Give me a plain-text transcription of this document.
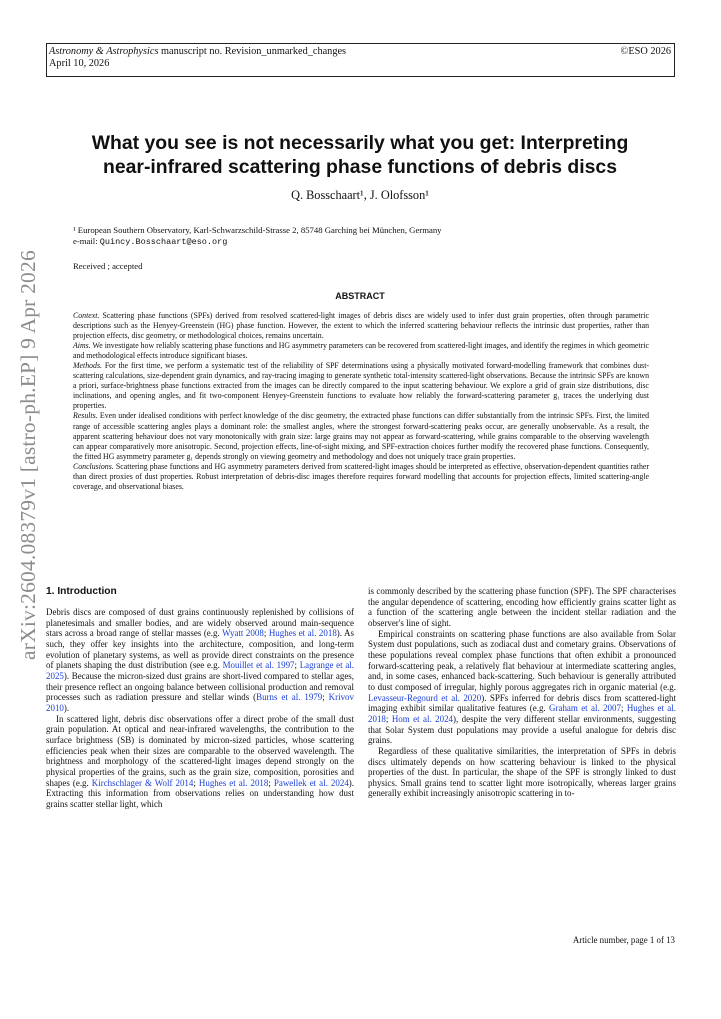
Astronomy & Astrophysics manuscript no. Revision_unmarked_changes
April 10, 2026
©ESO 2026
arXiv:2604.08379v1 [astro-ph.EP] 9 Apr 2026
What you see is not necessarily what you get: Interpreting
near-infrared scattering phase functions of debris discs
Q. Bosschaart¹, J. Olofsson¹
¹ European Southern Observatory, Karl-Schwarzschild-Strasse 2, 85748 Garching bei München, Germany
e-mail: Quincy.Bosschaart@eso.org
Received ; accepted
ABSTRACT

Context. Scattering phase functions (SPFs) derived from resolved scattered-light images of debris discs are widely used to infer dust grain properties, often through parametric descriptions such as the Henyey-Greenstein (HG) phase function. However, the extent to which the inferred scattering behaviour reflects the intrinsic dust properties, rather than projection effects, disc geometry, or methodological choices, remains uncertain.

Aims. We investigate how reliably scattering phase functions and HG asymmetry parameters can be recovered from scattered-light images, and identify the regimes in which geometric and methodological effects introduce significant biases.

Methods. For the first time, we perform a systematic test of the reliability of SPF determinations using a physically motivated forward-modelling framework that combines dust-scattering calculations, size-dependent grain dynamics, and ray-tracing imaging to generate synthetic total-intensity scattered-light observations. Because the intrinsic SPFs are known a priori, surface-brightness phase functions extracted from the images can be directly compared to the input scattering behaviour. We explore a grid of grain size distributions, disc inclinations, and opening angles, and fit two-component Henyey-Greenstein functions to evaluate how reliably the forward-scattering parameter g₁ traces the underlying dust properties.

Results. Even under idealised conditions with perfect knowledge of the disc geometry, the extracted phase functions can differ substantially from the intrinsic SPFs. First, the limited range of accessible scattering angles plays a dominant role: the smallest angles, where the strongest forward-scattering peaks occur, are generally unobservable. As a result, the apparent scattering behaviour does not vary monotonically with grain size: large grains may not appear as forward-scattering, while grains comparable to the observing wavelength can appear comparatively more anisotropic. Second, projection effects, line-of-sight mixing, and SPF-extraction choices further modify the recovered phase functions. Consequently, the fitted HG asymmetry parameter g₁ depends strongly on viewing geometry and methodology and does not uniquely trace grain properties.

Conclusions. Scattering phase functions and HG asymmetry parameters derived from scattered-light images should be interpreted as effective, observation-dependent quantities rather than direct proxies of dust properties. Robust interpretation of debris-disc images therefore requires forward modelling that accounts for projection effects, limited scattering-angle coverage, and observational biases.

1. Introduction

Debris discs are composed of dust grains continuously replenished by collisions of planetesimals and smaller bodies, and are widely observed around main-sequence stars across a broad range of stellar masses (e.g. Wyatt 2008; Hughes et al. 2018). As such, they offer key insights into the architecture, composition, and long-term evolution of planetary systems, as well as provide direct constraints on the presence of planets shaping the dust distribution (see e.g. Mouillet et al. 1997; Lagrange et al. 2025). Because the micron-sized dust grains are short-lived compared to stellar ages, their presence reflect an ongoing balance between collisional production and removal processes such as radiation pressure and stellar winds (Burns et al. 1979; Krivov 2010).

In scattered light, debris disc observations offer a direct probe of the small dust grain population. At optical and near-infrared wavelengths, the contribution to the surface brightness (SB) is dominated by micron-sized particles, whose scattering efficiencies peak when their sizes are comparable to the observed wavelength. The brightness and morphology of the scattered-light images depend strongly on the physical properties of the grains, such as the grain size, composition, porosities and shapes (e.g. Kirchschlager & Wolf 2014; Hughes et al. 2018; Pawellek et al. 2024). Extracting this information from observations relies on understanding how dust grains scatter stellar light, which

is commonly described by the scattering phase function (SPF). The SPF characterises the angular dependence of scattering, encoding how efficiently grains scatter light as a function of the scattering angle between the incident stellar radiation and the observer's line of sight.

Empirical constraints on scattering phase functions are also available from Solar System dust populations, such as zodiacal dust and cometary grains. Observations of these populations reveal complex phase functions that often exhibit a pronounced forward-scattering peak, a relatively flat behaviour at intermediate scattering angles, and, in some cases, enhanced back-scattering. Such behaviour is generally attributed to dust composed of irregular, highly porous aggregates rich in organic material (e.g. Levasseur-Regourd et al. 2020). SPFs inferred for debris discs from scattered-light imaging exhibit similar qualitative features (e.g. Graham et al. 2007; Hughes et al. 2018; Hom et al. 2024), despite the very different stellar environments, suggesting that Solar System dust populations may provide a useful analogue for debris disc grains.

Regardless of these qualitative similarities, the interpretation of SPFs in debris discs ultimately depends on how scattering behaviour is linked to the physical properties of the dust. In particular, the shape of the SPF is strongly linked to dust physics. Small grains tend to scatter light more isotropically, whereas larger grains generally exhibit increasingly anisotropic scattering in to-

Article number, page 1 of 13
